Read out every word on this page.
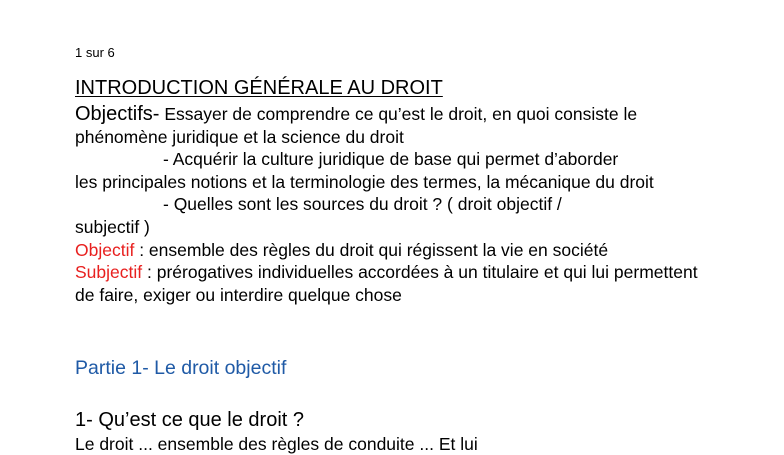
1 sur 6
INTRODUCTION GÉNÉRALE AU DROIT

Objectifs- Essayer de comprendre ce qu’est le droit, en quoi consiste le phénomène juridique et la science du droit

- Acquérir la culture juridique de base qui permet d’aborder

les principales notions et la terminologie des termes, la mécanique du droit

- Quelles sont les sources du droit ? ( droit objectif /

subjectif )

Objectif : ensemble des règles du droit qui régissent la vie en société

Subjectif : prérogatives individuelles accordées à un titulaire et qui lui permettent de faire, exiger ou interdire quelque chose

Partie 1- Le droit objectif
1- Qu’est ce que le droit ?
Le droit ... ensemble des règles de conduite ... Et lui
